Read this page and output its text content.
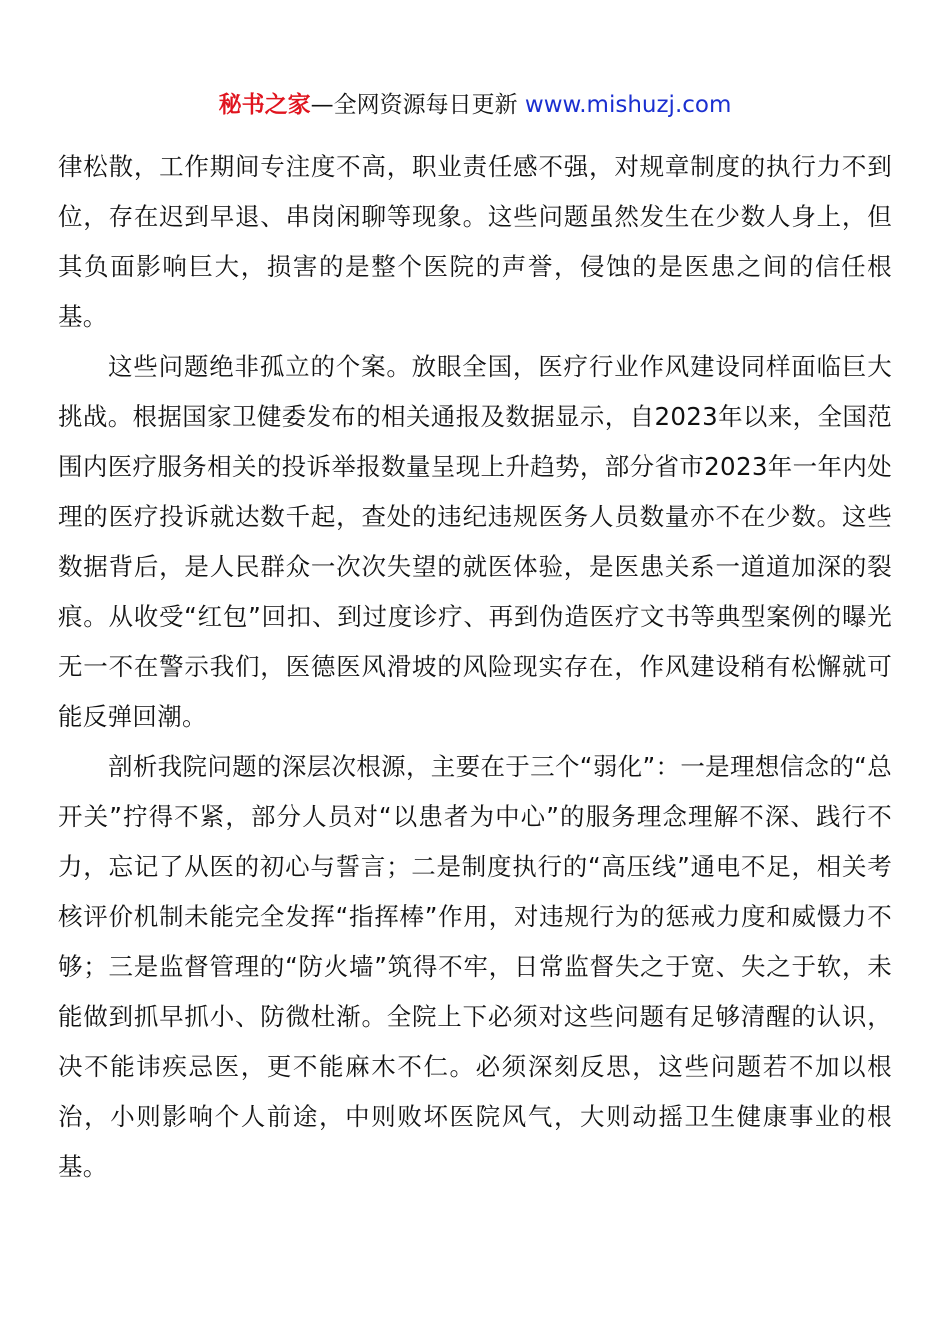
秘书之家—全网资源每日更新 www.mishuzj.com

律松散，工作期间专注度不高，职业责任感不强，对规章制度的执行力不到位，存在迟到早退、串岗闲聊等现象。这些问题虽然发生在少数人身上，但其负面影响巨大，损害的是整个医院的声誉，侵蚀的是医患之间的信任根基。

这些问题绝非孤立的个案。放眼全国，医疗行业作风建设同样面临巨大挑战。根据国家卫健委发布的相关通报及数据显示，自2023年以来，全国范围内医疗服务相关的投诉举报数量呈现上升趋势，部分省市2023年一年内处理的医疗投诉就达数千起，查处的违纪违规医务人员数量亦不在少数。这些数据背后，是人民群众一次次失望的就医体验，是医患关系一道道加深的裂痕。从收受“红包”回扣、到过度诊疗、再到伪造医疗文书等典型案例的曝光无一不在警示我们，医德医风滑坡的风险现实存在，作风建设稍有松懈就可能反弹回潮。

剖析我院问题的深层次根源，主要在于三个“弱化”：一是理想信念的“总开关”拧得不紧，部分人员对“以患者为中心”的服务理念理解不深、践行不力，忘记了从医的初心与誓言；二是制度执行的“高压线”通电不足，相关考核评价机制未能完全发挥“指挥棒”作用，对违规行为的惩戒力度和威慑力不够；三是监督管理的“防火墙”筑得不牢，日常监督失之于宽、失之于软，未能做到抓早抓小、防微杜渐。全院上下必须对这些问题有足够清醒的认识，决不能讳疾忌医，更不能麻木不仁。必须深刻反思，这些问题若不加以根治，小则影响个人前途，中则败坏医院风气，大则动摇卫生健康事业的根基。
